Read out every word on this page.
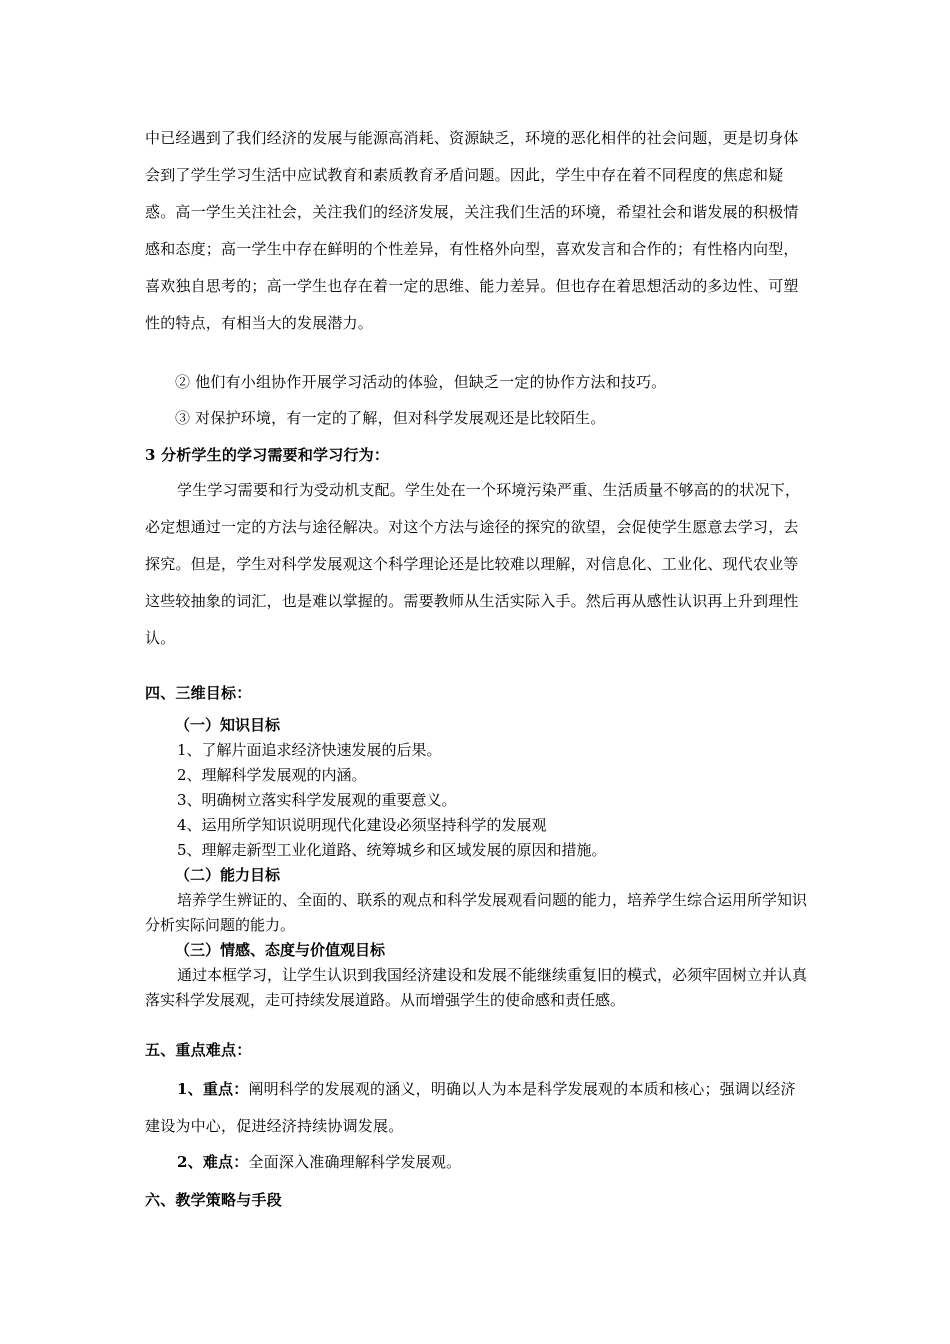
中已经遇到了我们经济的发展与能源高消耗、资源缺乏，环境的恶化相伴的社会问题，更是切身体会到了学生学习生活中应试教育和素质教育矛盾问题。因此，学生中存在着不同程度的焦虑和疑惑。高一学生关注社会，关注我们的经济发展，关注我们生活的环境，希望社会和谐发展的积极情感和态度；高一学生中存在鲜明的个性差异，有性格外向型，喜欢发言和合作的；有性格内向型，喜欢独自思考的；高一学生也存在着一定的思维、能力差异。但也存在着思想活动的多边性、可塑性的特点，有相当大的发展潜力。

② 他们有小组协作开展学习活动的体验，但缺乏一定的协作方法和技巧。

③ 对保护环境，有一定的了解，但对科学发展观还是比较陌生。

3 分析学生的学习需要和学习行为：

学生学习需要和行为受动机支配。学生处在一个环境污染严重、生活质量不够高的的状况下，必定想通过一定的方法与途径解决。对这个方法与途径的探究的欲望，会促使学生愿意去学习，去探究。但是，学生对科学发展观这个科学理论还是比较难以理解，对信息化、工业化、现代农业等这些较抽象的词汇，也是难以掌握的。需要教师从生活实际入手。然后再从感性认识再上升到理性认。

四、三维目标：

（一）知识目标

1、了解片面追求经济快速发展的后果。

2、理解科学发展观的内涵。

3、明确树立落实科学发展观的重要意义。

4、运用所学知识说明现代化建设必须坚持科学的发展观

5、理解走新型工业化道路、统筹城乡和区域发展的原因和措施。

（二）能力目标

培养学生辨证的、全面的、联系的观点和科学发展观看问题的能力，培养学生综合运用所学知识分析实际问题的能力。

（三）情感、态度与价值观目标

通过本框学习，让学生认识到我国经济建设和发展不能继续重复旧的模式，必须牢固树立并认真落实科学发展观，走可持续发展道路。从而增强学生的使命感和责任感。

五、重点难点：

1、重点：阐明科学的发展观的涵义，明确以人为本是科学发展观的本质和核心；强调以经济建设为中心，促进经济持续协调发展。

2、难点：全面深入准确理解科学发展观。

六、教学策略与手段
